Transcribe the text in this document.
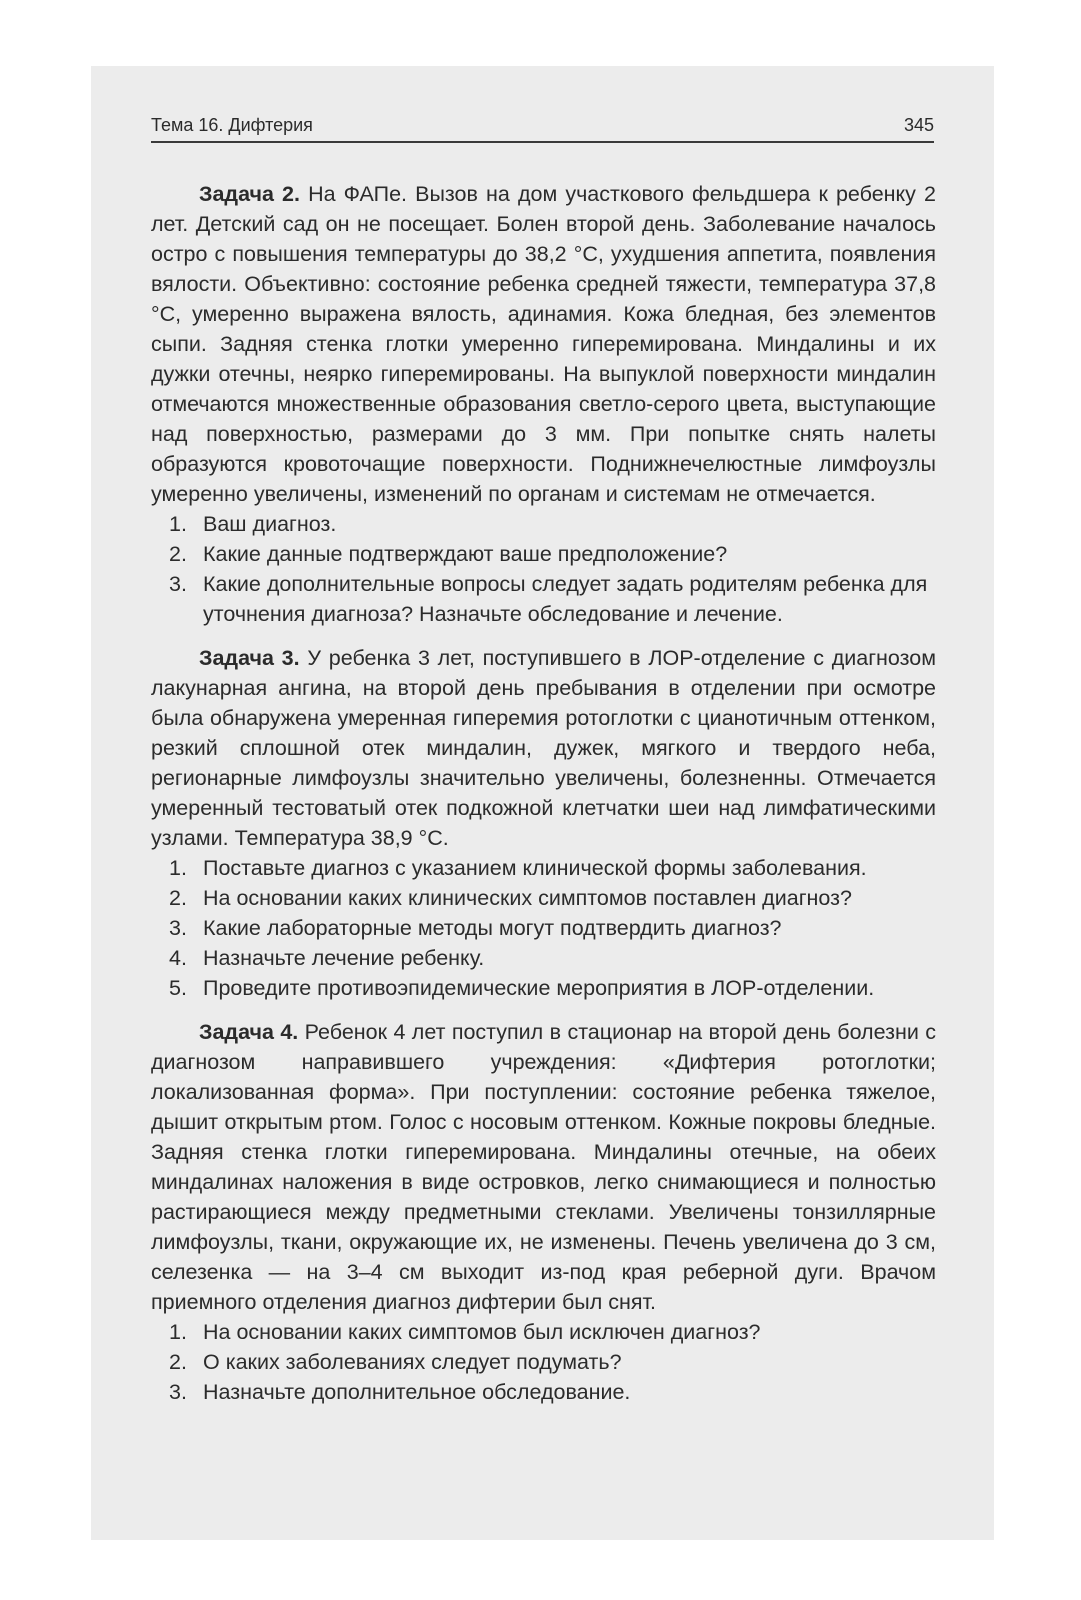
Тема 16. Дифтерия	345

Задача 2. На ФАПе. Вызов на дом участкового фельдшера к ребенку 2 лет. Детский сад он не посещает. Болен второй день. Заболевание началось остро с повышения температуры до 38,2 °С, ухудшения аппетита, появления вялости. Объективно: состояние ребенка средней тяжести, температура 37,8 °С, умеренно выражена вялость, адинамия. Кожа бледная, без элементов сыпи. Задняя стенка глотки умеренно гиперемирована. Миндалины и их дужки отечны, неярко гиперемированы. На выпуклой поверхности миндалин отмечаются множественные образования светло-серого цвета, выступающие над поверхностью, размерами до 3 мм. При попытке снять налеты образуются кровоточащие поверхности. Поднижнечелюстные лимфоузлы умеренно увеличены, изменений по органам и системам не отмечается.

1. Ваш диагноз.
2. Какие данные подтверждают ваше предположение?
3. Какие дополнительные вопросы следует задать родителям ребенка для уточнения диагноза? Назначьте обследование и лечение.

Задача 3. У ребенка 3 лет, поступившего в ЛОР-отделение с диагнозом лакунарная ангина, на второй день пребывания в отделении при осмотре была обнаружена умеренная гиперемия ротоглотки с цианотичным оттенком, резкий сплошной отек миндалин, дужек, мягкого и твердого неба, регионарные лимфоузлы значительно увеличены, болезненны. Отмечается умеренный тестоватый отек подкожной клетчатки шеи над лимфатическими узлами. Температура 38,9 °С.

1. Поставьте диагноз с указанием клинической формы заболевания.
2. На основании каких клинических симптомов поставлен диагноз?
3. Какие лабораторные методы могут подтвердить диагноз?
4. Назначьте лечение ребенку.
5. Проведите противоэпидемические мероприятия в ЛОР-отделении.

Задача 4. Ребенок 4 лет поступил в стационар на второй день болезни с диагнозом направившего учреждения: «Дифтерия ротоглотки; локализованная форма». При поступлении: состояние ребенка тяжелое, дышит открытым ртом. Голос с носовым оттенком. Кожные покровы бледные. Задняя стенка глотки гиперемирована. Миндалины отечные, на обеих миндалинах наложения в виде островков, легко снимающиеся и полностью растирающиеся между предметными стеклами. Увеличены тонзиллярные лимфоузлы, ткани, окружающие их, не изменены. Печень увеличена до 3 см, селезенка — на 3–4 см выходит из-под края реберной дуги. Врачом приемного отделения диагноз дифтерии был снят.

1. На основании каких симптомов был исключен диагноз?
2. О каких заболеваниях следует подумать?
3. Назначьте дополнительное обследование.
